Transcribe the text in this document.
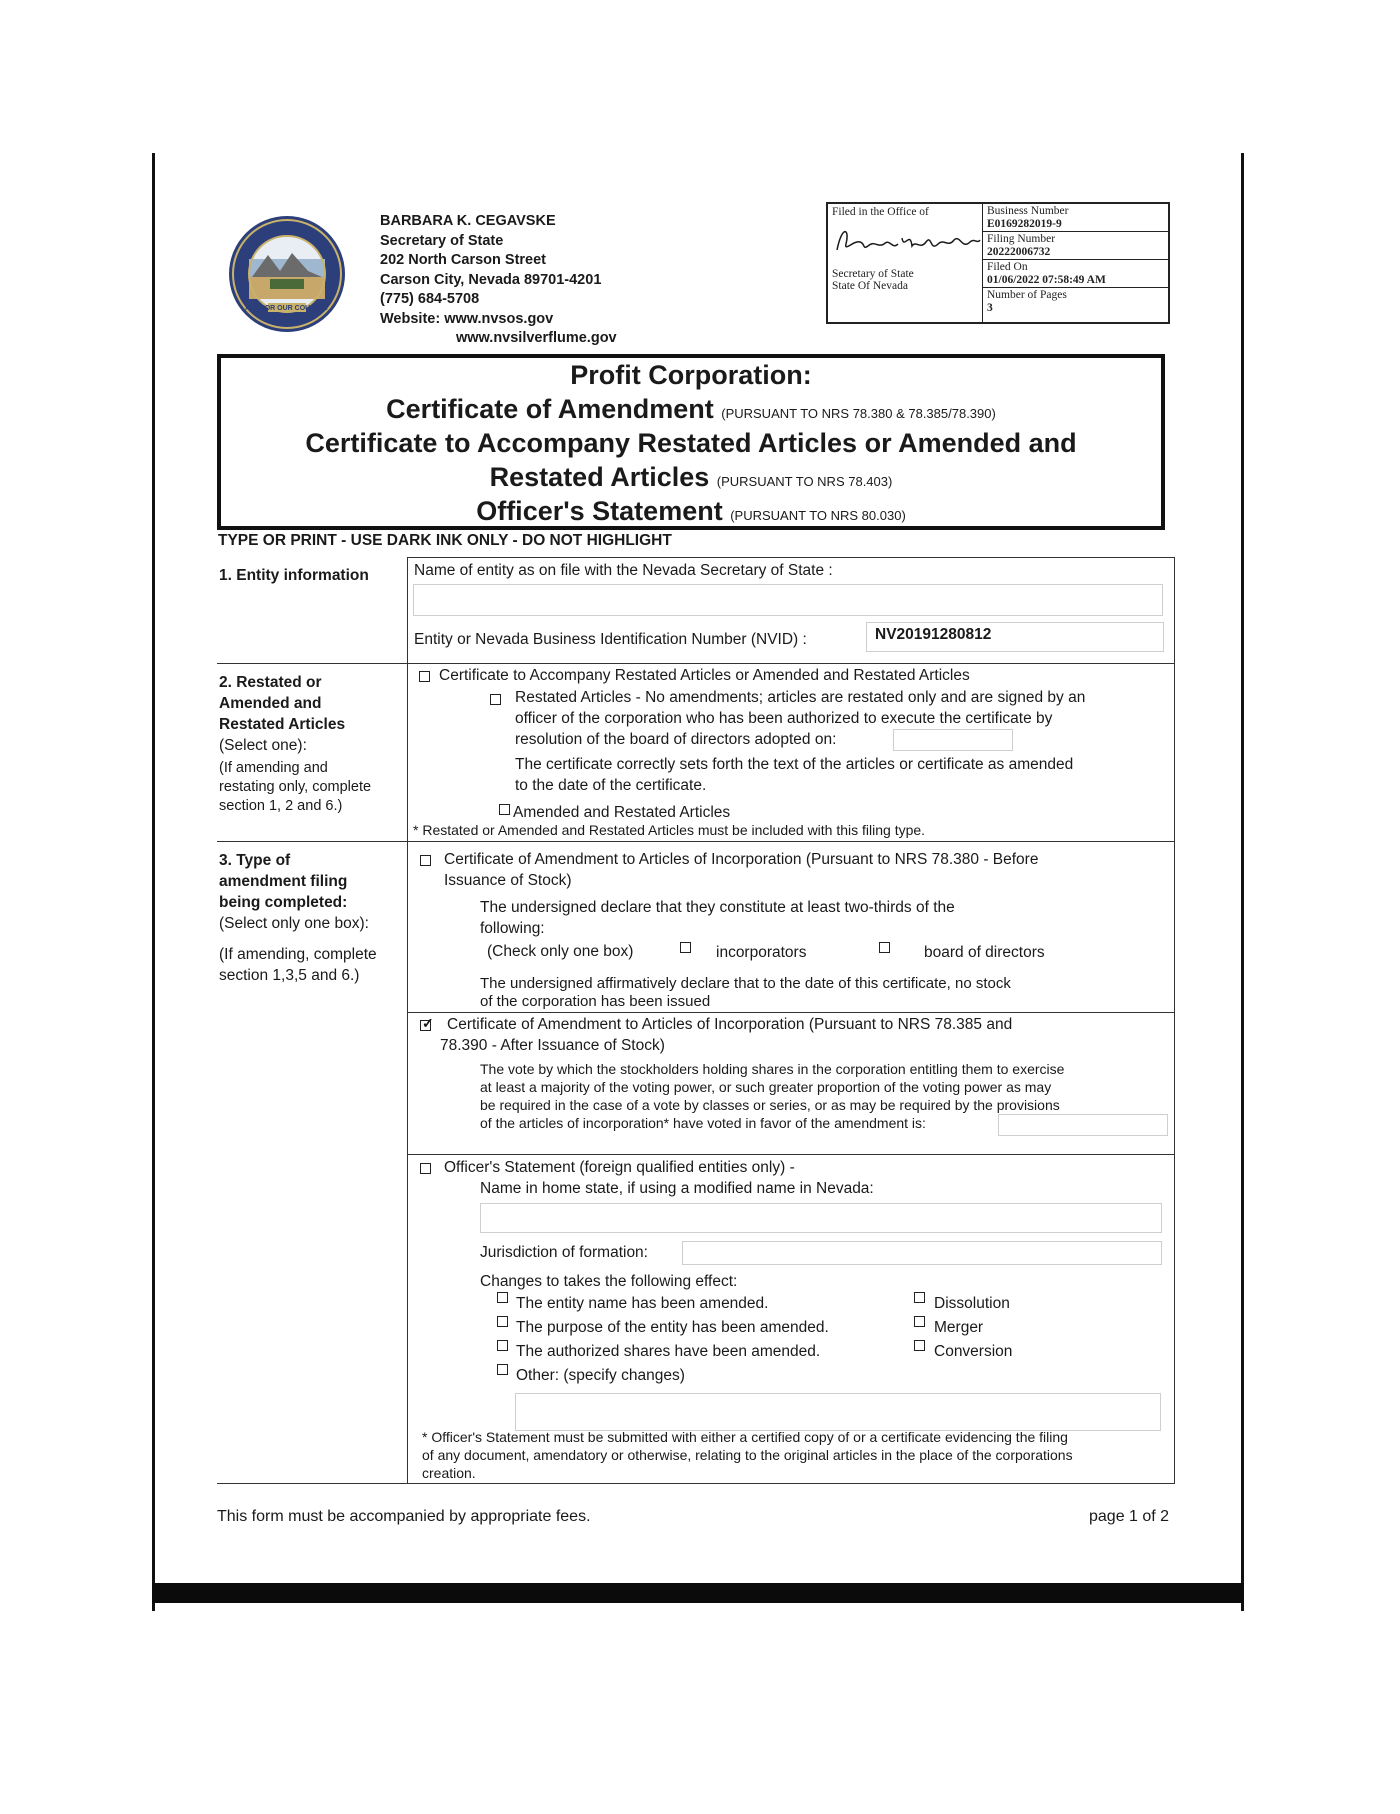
ALL FOR OUR COUNTRY
BARBARA K. CEGAVSKE
Secretary of State
202 North Carson Street
Carson City, Nevada 89701-4201
(775) 684-5708
Website: www.nvsos.gov
www.nvsilverflume.gov
Filed in the Office of
Secretary of State
State Of Nevada
Business Number
E0169282019-9
Filing Number
20222006732
Filed On
01/06/2022 07:58:49 AM
Number of Pages
3
Profit Corporation:
Certificate of Amendment (PURSUANT TO NRS 78.380 & 78.385/78.390)
Certificate to Accompany Restated Articles or Amended and
Restated Articles (PURSUANT TO NRS 78.403)
Officer's Statement (PURSUANT TO NRS 80.030)
TYPE OR PRINT - USE DARK INK ONLY - DO NOT HIGHLIGHT
1. Entity information	Name of entity as on file with the Nevada Secretary of State :
Entity or Nevada Business Identification Number (NVID) :	NV20191280812
2. Restated or
Amended and
Restated Articles
(Select one):
(If amending and
restating only, complete
section 1, 2 and 6.)
Certificate to Accompany Restated Articles or Amended and Restated Articles
Restated Articles - No amendments; articles are restated only and are signed by an
officer of the corporation who has been authorized to execute the certificate by
resolution of the board of directors adopted on:
The certificate correctly sets forth the text of the articles or certificate as amended
to the date of the certificate.
Amended and Restated Articles
* Restated or Amended and Restated Articles must be included with this filing type.
3. Type of
amendment filing
being completed:
(Select only one box):
(If amending, complete
section 1,3,5 and 6.)
Certificate of Amendment to Articles of Incorporation (Pursuant to NRS 78.380 - Before
Issuance of Stock)
The undersigned declare that they constitute at least two-thirds of the
following:
(Check only one box)	incorporators	board of directors
The undersigned affirmatively declare that to the date of this certificate, no stock
of the corporation has been issued
✓
Certificate of Amendment to Articles of Incorporation (Pursuant to NRS 78.385 and
78.390 - After Issuance of Stock)
The vote by which the stockholders holding shares in the corporation entitling them to exercise
at least a majority of the voting power, or such greater proportion of the voting power as may
be required in the case of a vote by classes or series, or as may be required by the provisions
of the articles of incorporation* have voted in favor of the amendment is:
Officer's Statement (foreign qualified entities only) -
Name in home state, if using a modified name in Nevada:
Jurisdiction of formation:
Changes to takes the following effect:
The entity name has been amended.
The purpose of the entity has been amended.
The authorized shares have been amended.
Other: (specify changes)
Dissolution
Merger
Conversion
* Officer's Statement must be submitted with either a certified copy of or a certificate evidencing the filing
of any document, amendatory or otherwise, relating to the original articles in the place of the corporations
creation.
This form must be accompanied by appropriate fees.	page 1 of 2
